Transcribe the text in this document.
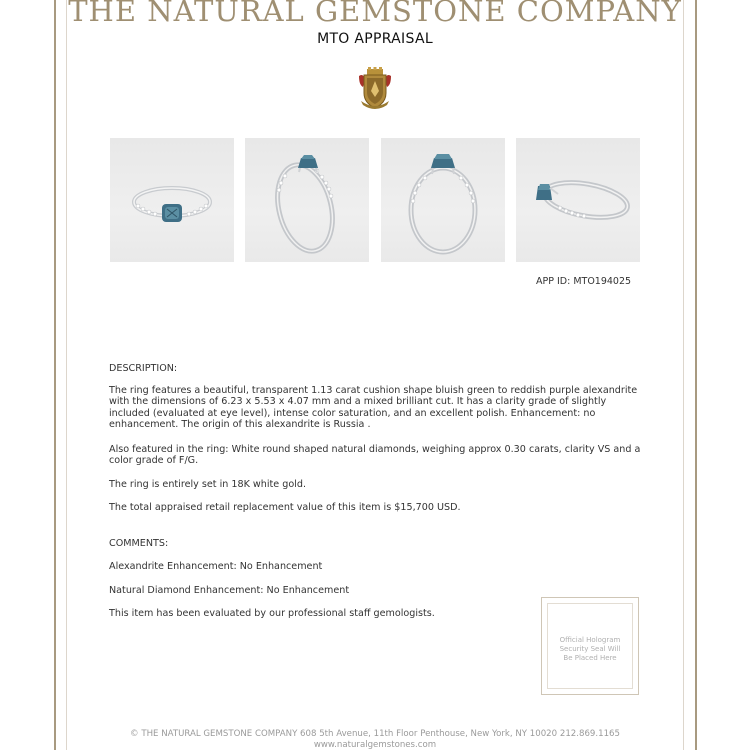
THE NATURAL GEMSTONE COMPANY
MTO APPRAISAL
APP ID: MTO194025
DESCRIPTION:
The ring features a beautiful, transparent 1.13 carat cushion shape bluish green to reddish purple alexandrite with the dimensions of 6.23 x 5.53 x 4.07 mm and a mixed brilliant cut. It has a clarity grade of slightly included (evaluated at eye level), intense color saturation, and an excellent polish. Enhancement: no enhancement. The origin of this alexandrite is Russia .
Also featured in the ring: White round shaped natural diamonds, weighing approx 0.30 carats, clarity VS and a color grade of F/G.
The ring is entirely set in 18K white gold.
The total appraised retail replacement value of this item is $15,700 USD.
COMMENTS:
Alexandrite Enhancement: No Enhancement
Natural Diamond Enhancement: No Enhancement
This item has been evaluated by our professional staff gemologists.
Official Hologram
Security Seal Will
Be Placed Here
© THE NATURAL GEMSTONE COMPANY 608 5th Avenue, 11th Floor Penthouse, New York, NY 10020 212.869.1165
www.naturalgemstones.com
